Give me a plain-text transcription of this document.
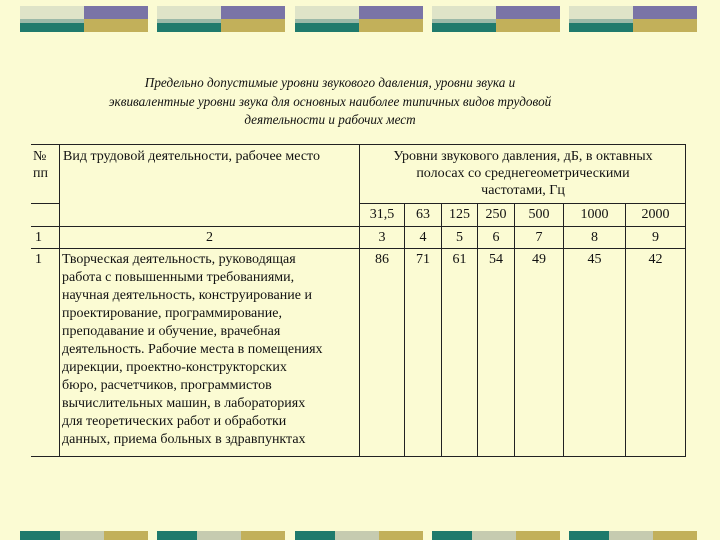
Предельно допустимые уровни звукового давления, уровни звука и
эквивалентные уровни звука для основных наиболее типичных видов трудовой
деятельности и рабочих мест
№
пп
Вид трудовой деятельности, рабочее место	Уровни звукового давления, дБ, в октавных
полосах со среднегеометрическими
частотами, Гц
31,5	63	125	250	500	1000	2000
1	2	3	4	5	6	7	8	9
1 Творческая деятельность, руководящая
работа с повышенными требованиями,
научная деятельность, конструирование и
проектирование, программирование,
преподавание и обучение, врачебная
деятельность. Рабочие места в помещениях
дирекции, проектно-конструкторских
бюро, расчетчиков, программистов
вычислительных машин, в лабораториях
для теоретических работ и обработки
данных, приема больных в здравпунктах
86	71	61	54	49	45	42
